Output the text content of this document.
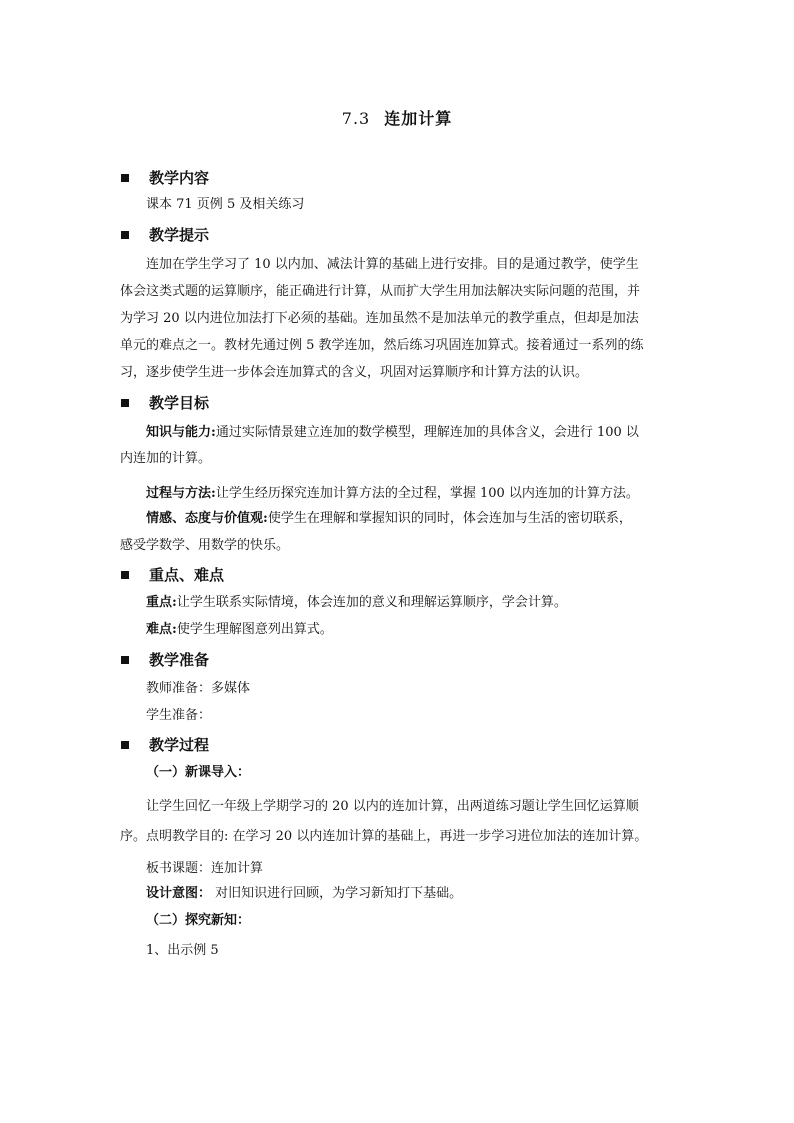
7.3 连加计算
教学内容
课本 71 页例 5 及相关练习
教学提示
连加在学生学习了 10 以内加、减法计算的基础上进行安排。目的是通过教学，使学生
体会这类式题的运算顺序，能正确进行计算，从而扩大学生用加法解决实际问题的范围，并
为学习 20 以内进位加法打下必须的基础。连加虽然不是加法单元的教学重点，但却是加法
单元的难点之一。教材先通过例 5 教学连加，然后练习巩固连加算式。接着通过一系列的练
习，逐步使学生进一步体会连加算式的含义，巩固对运算顺序和计算方法的认识。
教学目标
知识与能力:通过实际情景建立连加的数学模型，理解连加的具体含义，会进行 100 以
内连加的计算。
过程与方法:让学生经历探究连加计算方法的全过程，掌握 100 以内连加的计算方法。
情感、态度与价值观:使学生在理解和掌握知识的同时，体会连加与生活的密切联系，
感受学数学、用数学的快乐。
重点、难点
重点:让学生联系实际情境，体会连加的意义和理解运算顺序，学会计算。
难点:使学生理解图意列出算式。
教学准备
教师准备：多媒体
学生准备：
教学过程
（一）新课导入：
让学生回忆一年级上学期学习的 20 以内的连加计算，出两道练习题让学生回忆运算顺
序。点明教学目的: 在学习 20 以内连加计算的基础上，再进一步学习进位加法的连加计算。
板书课题：连加计算
设计意图： 对旧知识进行回顾，为学习新知打下基础。
（二）探究新知：
1、出示例 5
